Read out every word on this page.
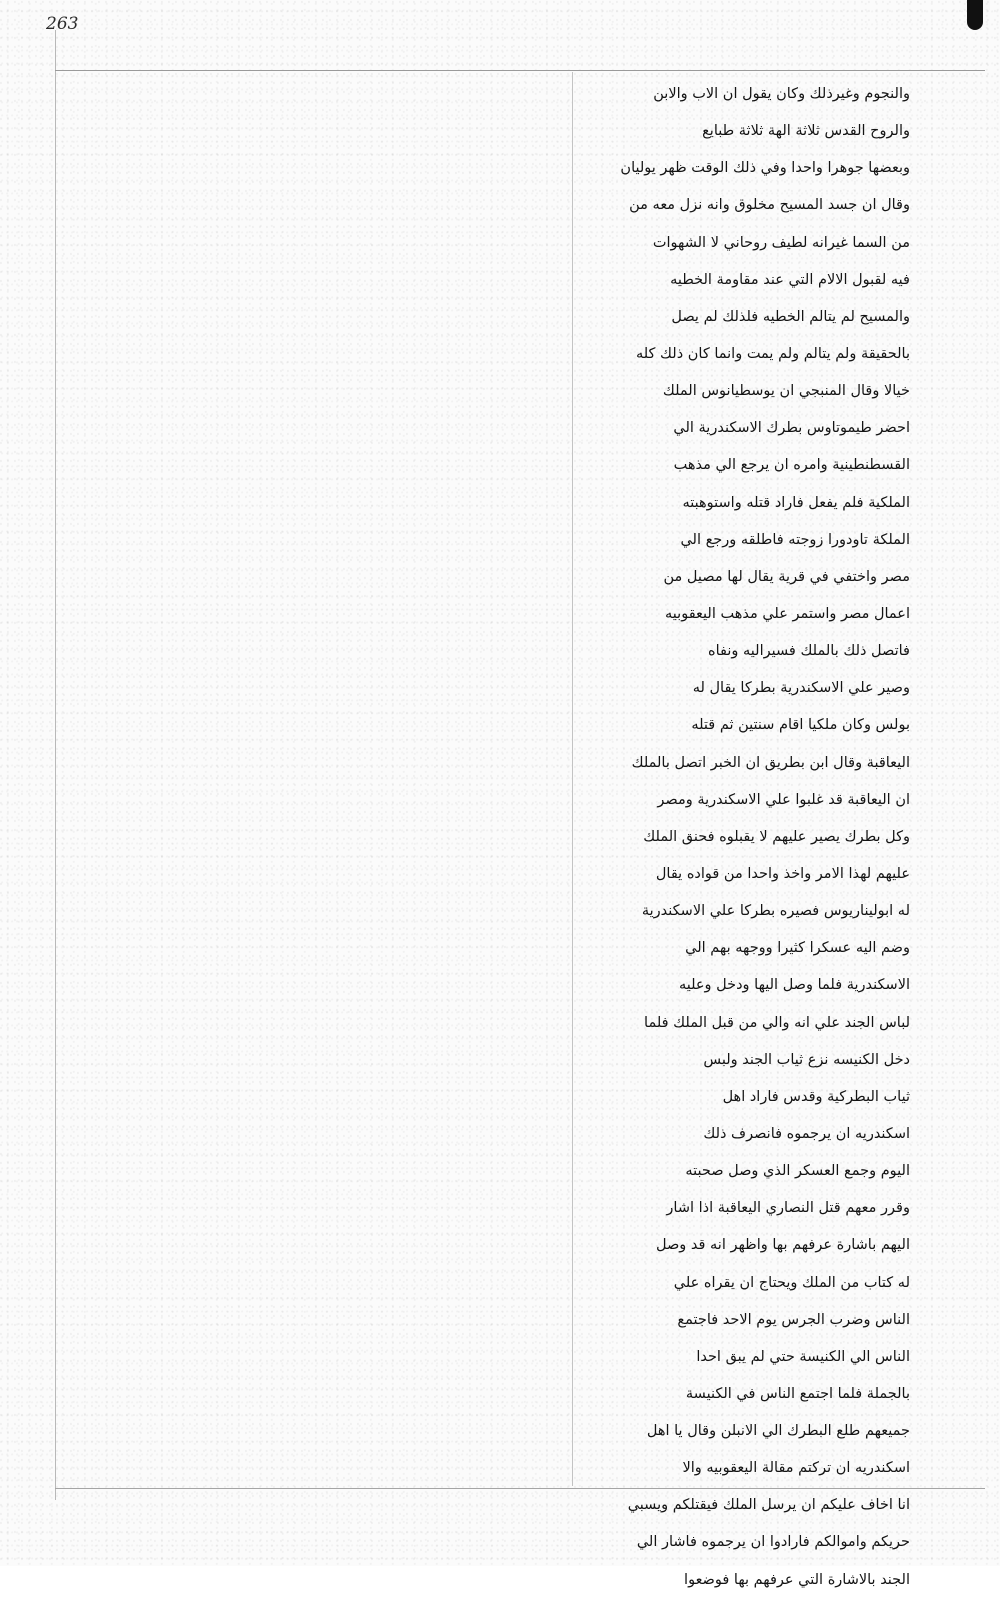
263
والنجوم وغيرذلك وكان يقول ان الاب والابن
والروح القدس ثلاثة الهة ثلاثة طبايع
وبعضها جوهرا واحدا وفي ذلك الوقت ظهر يوليان
وقال ان جسد المسيح مخلوق وانه نزل معه من
من السما غيرانه لطيف روحاني لا الشهوات
فيه لقبول الالام التي عند مقاومة الخطيه
والمسيح لم يتالم الخطيه فلذلك لم يصل
بالحقيقة ولم يتالم ولم يمت وانما كان ذلك كله
خيالا وقال المنبجي ان يوسطيانوس الملك
احضر طيموتاوس بطرك الاسكندرية الي
القسطنطينية وامره ان يرجع الي مذهب
الملكية فلم يفعل فاراد قتله واستوهبته
الملكة تاودورا زوجته فاطلقه ورجع الي
مصر واختفي في قرية يقال لها مصيل من
اعمال مصر واستمر علي مذهب اليعقوبيه
فاتصل ذلك بالملك فسيراليه ونفاه
وصير علي الاسكندرية بطركا يقال له
بولس وكان ملكيا اقام سنتين ثم قتله
اليعاقبة وقال ابن بطريق ان الخبر اتصل بالملك
ان اليعاقبة قد غلبوا علي الاسكندرية ومصر
وكل بطرك يصير عليهم لا يقبلوه فحنق الملك
عليهم لهذا الامر واخذ واحدا من قواده يقال
له ابوليناريوس فصيره بطركا علي الاسكندرية
وضم اليه عسكرا كثيرا ووجهه بهم الي
الاسكندرية فلما وصل اليها ودخل وعليه
لباس الجند علي انه والي من قبل الملك فلما
دخل الكنيسه نزع ثياب الجند ولبس
ثياب البطركية وقدس فاراد اهل
اسكندريه ان يرجموه فانصرف ذلك
اليوم وجمع العسكر الذي وصل صحبته
وقرر معهم قتل النصاري اليعاقبة اذا اشار
اليهم باشارة عرفهم بها واظهر انه قد وصل
له كتاب من الملك ويحتاج ان يقراه علي
الناس وضرب الجرس يوم الاحد فاجتمع
الناس الي الكنيسة حتي لم يبق احدا
بالجملة فلما اجتمع الناس في الكنيسة
جميعهم طلع البطرك الي الانبلن وقال يا اهل
اسكندريه ان تركتم مقالة اليعقوبيه والا
انا اخاف عليكم ان يرسل الملك فيقتلكم ويسبي
حريكم واموالكم فارادوا ان يرجموه فاشار الي
الجند بالاشارة التي عرفهم بها فوضعوا
